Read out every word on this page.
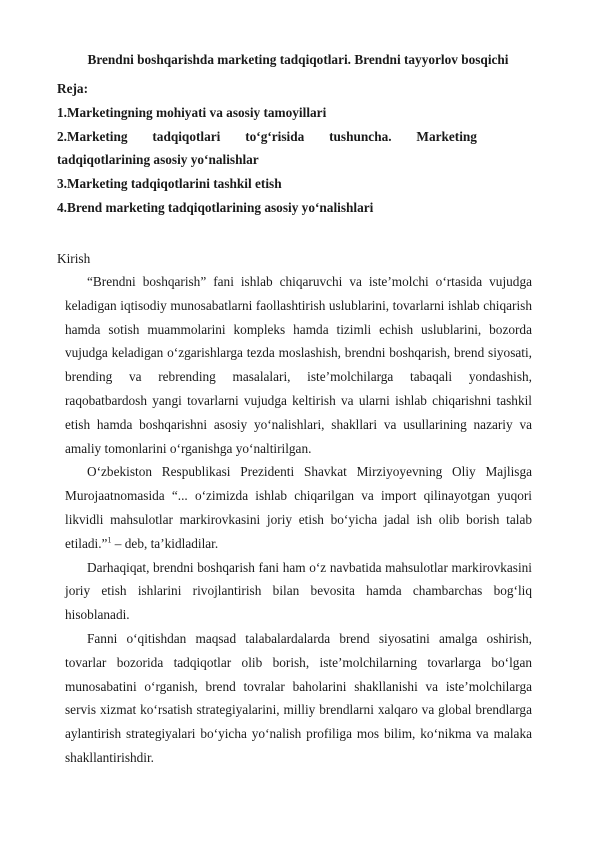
Brendni boshqarishda marketing tadqiqotlari. Brendni tayyorlov bosqichi
Reja:
1.Marketingning mohiyati va asosiy tamoyillari
2.Marketing tadqiqotlari to‘g‘risida tushuncha. Marketing
tadqiqotlarining asosiy yo‘nalishlar
3.Marketing tadqiqotlarini tashkil etish
4.Brend marketing tadqiqotlarining asosiy yo‘nalishlari
Kirish

“Brendni boshqarish” fani ishlab chiqaruvchi va iste’molchi o‘rtasida vujudga keladigan iqtisodiy munosabatlarni faollashtirish uslublarini, tovarlarni ishlab chiqarish hamda sotish muammolarini kompleks hamda tizimli echish uslublarini, bozorda vujudga keladigan o‘zgarishlarga tezda moslashish, brendni boshqarish, brend siyosati, brending va rebrending masalalari, iste’molchilarga tabaqali yondashish, raqobatbardosh yangi tovarlarni vujudga keltirish va ularni ishlab chiqarishni tashkil etish hamda boshqarishni asosiy yo‘nalishlari, shakllari va usullarining nazariy va amaliy tomonlarini o‘rganishga yo‘naltirilgan.

O‘zbekiston Respublikasi Prezidenti Shavkat Mirziyoyevning Oliy Majlisga Murojaatnomasida “... o‘zimizda ishlab chiqarilgan va import qilinayotgan yuqori likvidli mahsulotlar markirovkasini joriy etish bo‘yicha jadal ish olib borish talab etiladi.”$^1$ – deb, ta’kidladilar.

Darhaqiqat, brendni boshqarish fani ham o‘z navbatida mahsulotlar markirovkasini joriy etish ishlarini rivojlantirish bilan bevosita hamda chambarchas bog‘liq hisoblanadi.

Fanni o‘qitishdan maqsad talabalardalarda brend siyosatini amalga oshirish, tovarlar bozorida tadqiqotlar olib borish, iste’molchilarning tovarlarga bo‘lgan munosabatini o‘rganish, brend tovralar baholarini shakllanishi va iste’molchilarga servis xizmat ko‘rsatish strategiyalarini, milliy brendlarni xalqaro va global brendlarga aylantirish strategiyalari bo‘yicha yo‘nalish profiliga mos bilim, ko‘nikma va malaka shakllantirishdir.
